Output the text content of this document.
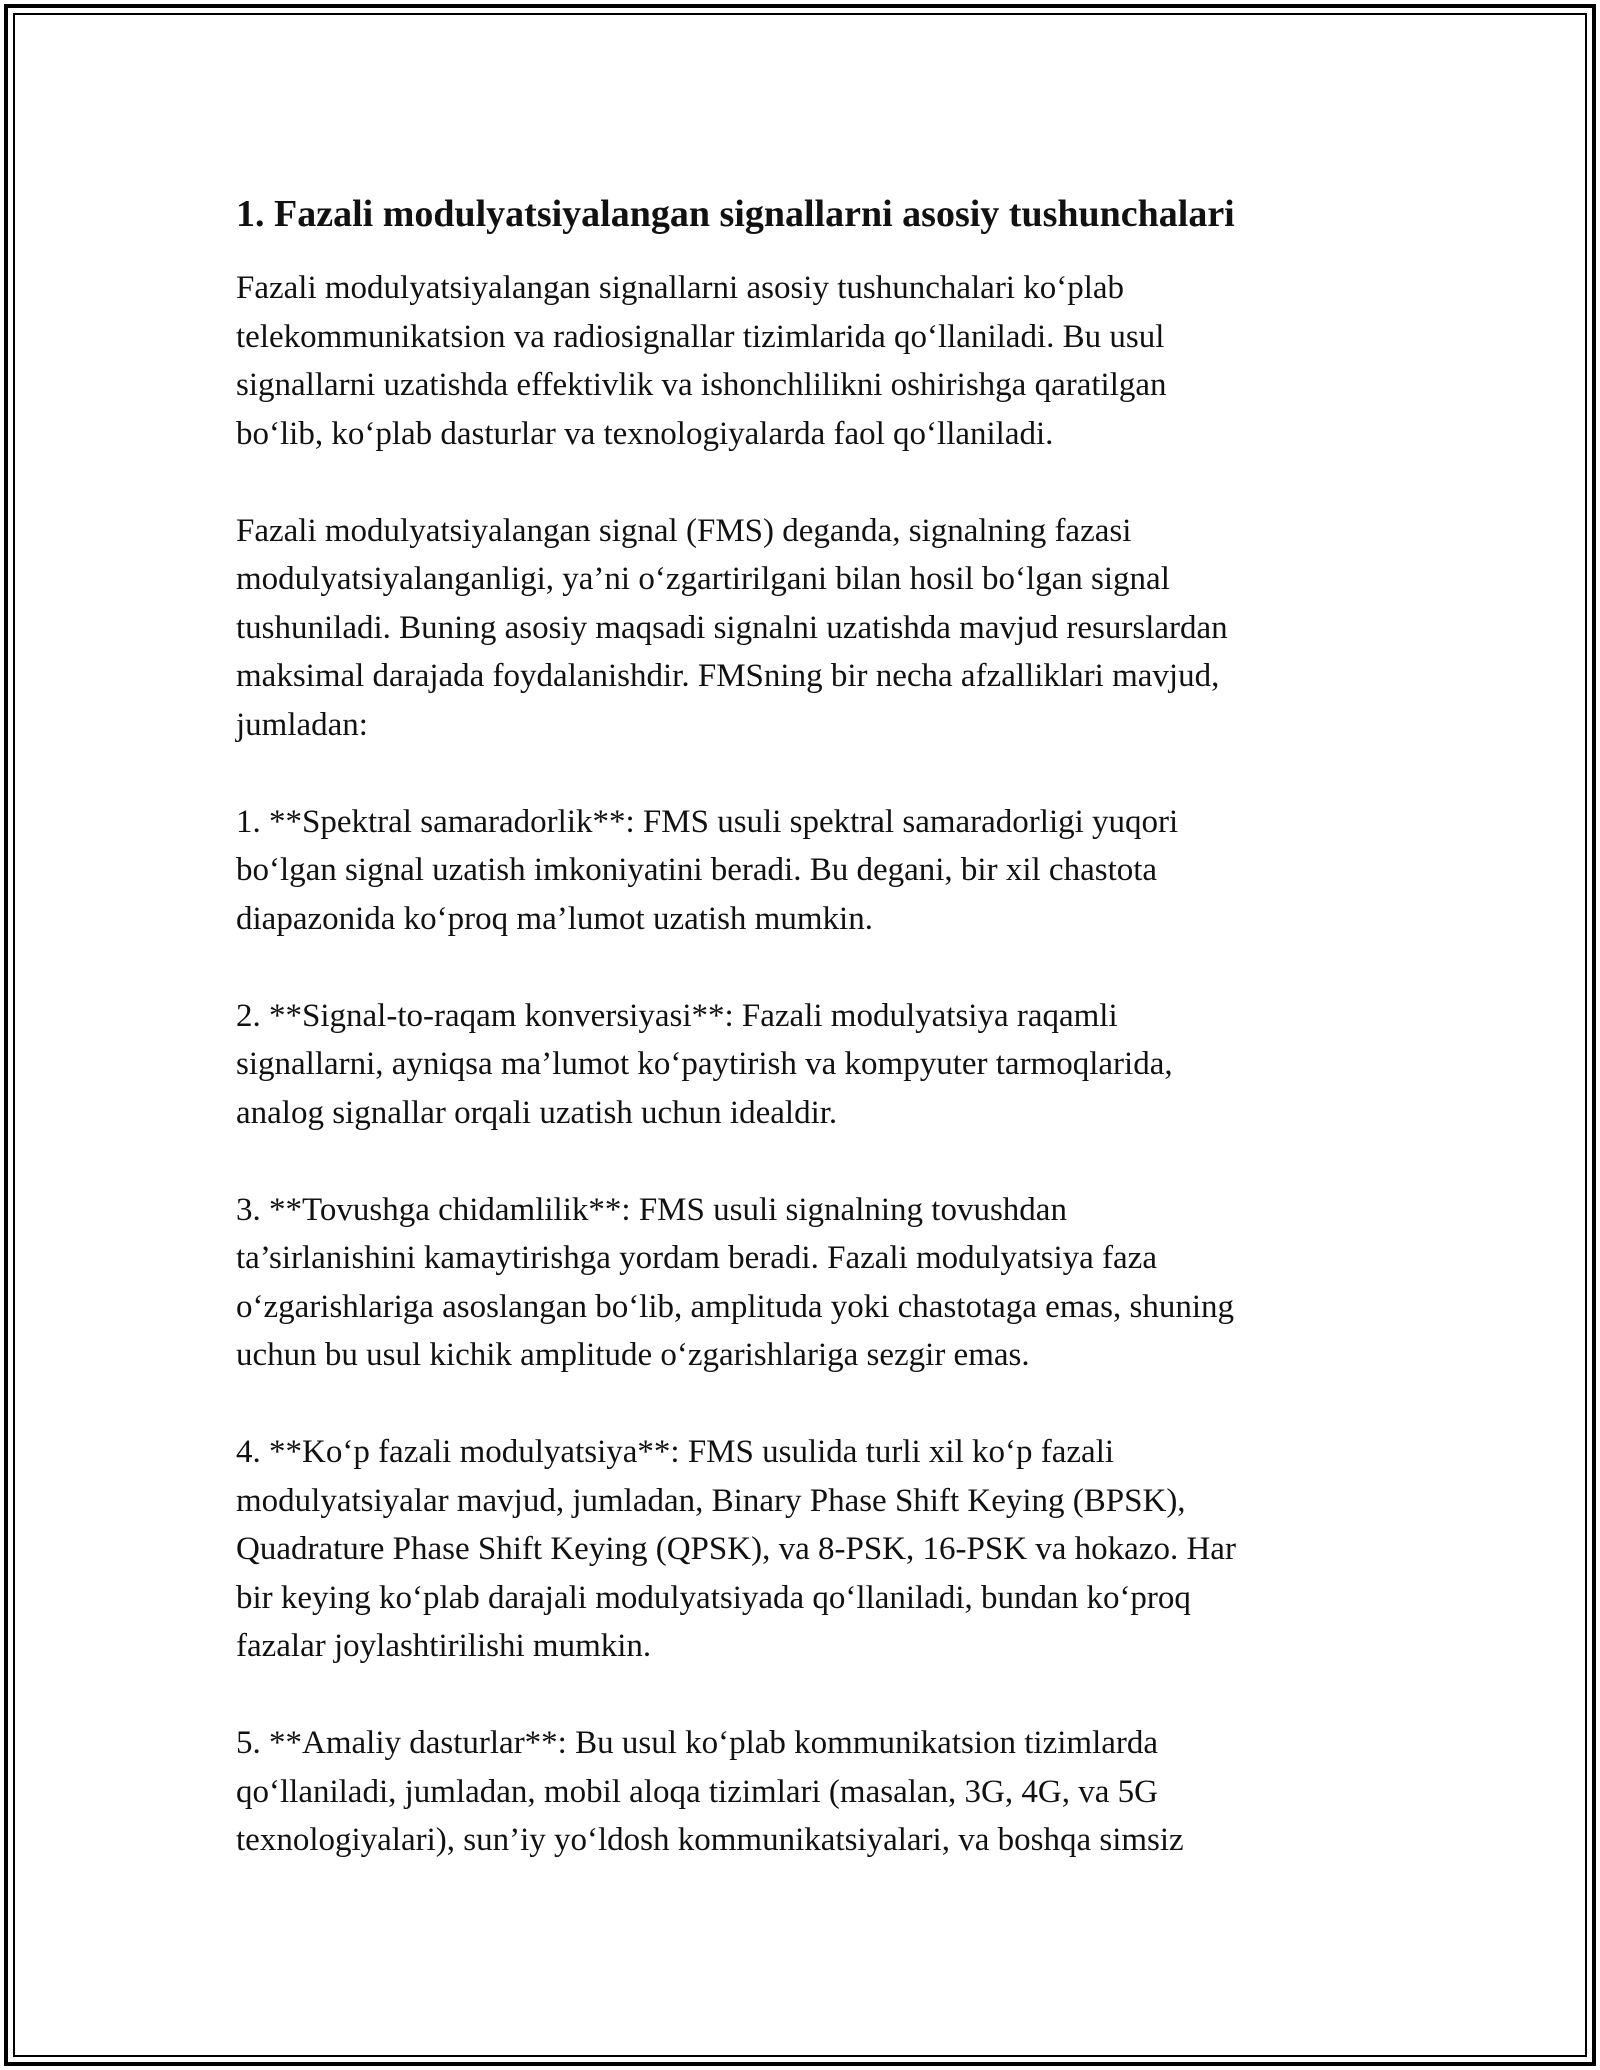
1. Fazali modulyatsiyalangan signallarni asosiy tushunchalari
Fazali modulyatsiyalangan signallarni asosiy tushunchalari ko‘plab
telekommunikatsion va radiosignallar tizimlarida qo‘llaniladi. Bu usul
signallarni uzatishda effektivlik va ishonchlilikni oshirishga qaratilgan
bo‘lib, ko‘plab dasturlar va texnologiyalarda faol qo‘llaniladi.
Fazali modulyatsiyalangan signal (FMS) deganda, signalning fazasi
modulyatsiyalanganligi, ya’ni o‘zgartirilgani bilan hosil bo‘lgan signal
tushuniladi. Buning asosiy maqsadi signalni uzatishda mavjud resurslardan
maksimal darajada foydalanishdir. FMSning bir necha afzalliklari mavjud,
jumladan:
1. **Spektral samaradorlik**: FMS usuli spektral samaradorligi yuqori
bo‘lgan signal uzatish imkoniyatini beradi. Bu degani, bir xil chastota
diapazonida ko‘proq ma’lumot uzatish mumkin.
2. **Signal-to-raqam konversiyasi**: Fazali modulyatsiya raqamli
signallarni, ayniqsa ma’lumot ko‘paytirish va kompyuter tarmoqlarida,
analog signallar orqali uzatish uchun idealdir.
3. **Tovushga chidamlilik**: FMS usuli signalning tovushdan
ta’sirlanishini kamaytirishga yordam beradi. Fazali modulyatsiya faza
o‘zgarishlariga asoslangan bo‘lib, amplituda yoki chastotaga emas, shuning
uchun bu usul kichik amplitude o‘zgarishlariga sezgir emas.
4. **Ko‘p fazali modulyatsiya**: FMS usulida turli xil ko‘p fazali
modulyatsiyalar mavjud, jumladan, Binary Phase Shift Keying (BPSK),
Quadrature Phase Shift Keying (QPSK), va 8-PSK, 16-PSK va hokazo. Har
bir keying ko‘plab darajali modulyatsiyada qo‘llaniladi, bundan ko‘proq
fazalar joylashtirilishi mumkin.
5. **Amaliy dasturlar**: Bu usul ko‘plab kommunikatsion tizimlarda
qo‘llaniladi, jumladan, mobil aloqa tizimlari (masalan, 3G, 4G, va 5G
texnologiyalari), sun’iy yo‘ldosh kommunikatsiyalari, va boshqa simsiz
